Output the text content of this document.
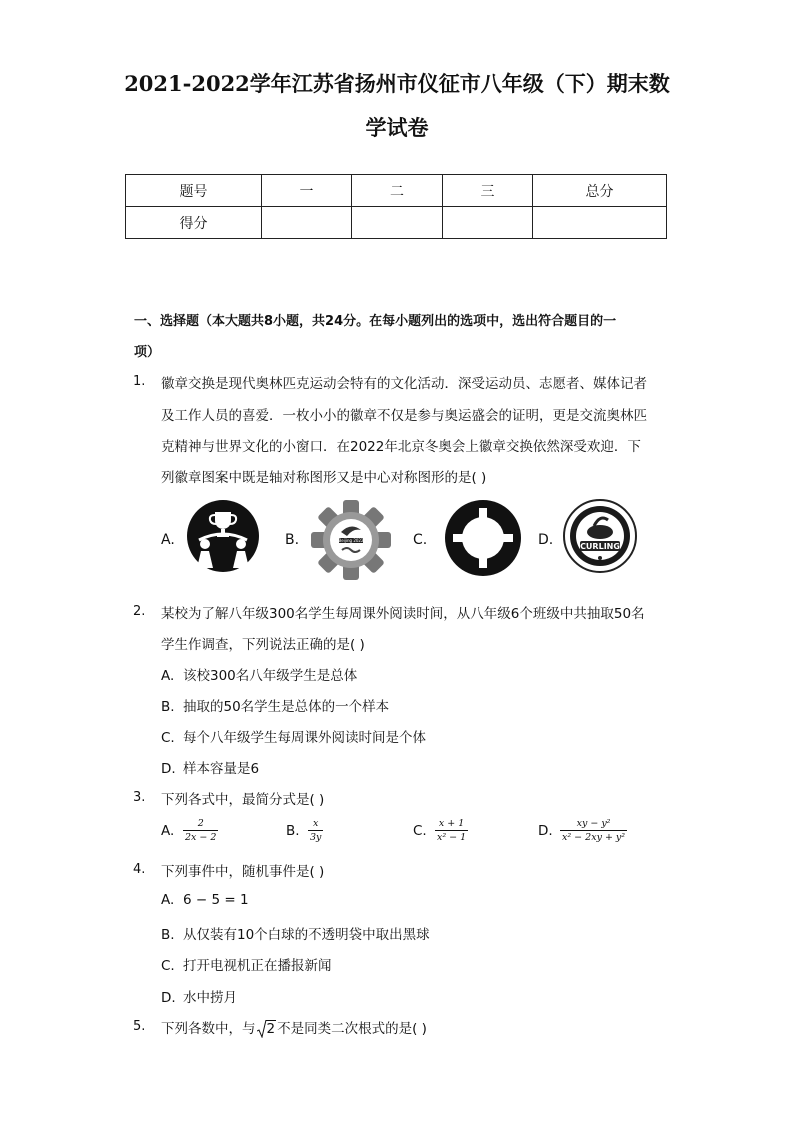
2021-2022学年江苏省扬州市仪征市八年级（下）期末数
学试卷
题号	一	二	三	总分
得分				
一、选择题（本大题共8小题，共24分。在每小题列出的选项中，选出符合题目的一
项）
1. 徽章交换是现代奥林匹克运动会特有的文化活动．深受运动员、志愿者、媒体记者
及工作人员的喜爱．一枚小小的徽章不仅是参与奥运盛会的证明，更是交流奥林匹
克精神与世界文化的小窗口．在2022年北京冬奥会上徽章交换依然深受欢迎．下
列徽章图案中既是轴对称图形又是中心对称图形的是( )
A.	B.	Beijing 2022	C.	D.	CURLING
2. 某校为了解八年级300名学生每周课外阅读时间，从八年级6个班级中共抽取50名
学生作调查，下列说法正确的是( )
A. 该校300名八年级学生是总体
B. 抽取的50名学生是总体的一个样本
C. 每个八年级学生每周课外阅读时间是个体
D. 样本容量是6
3. 下列各式中，最简分式是( )
A. $\frac{2}{2x - 2}$	B. $\frac{x}{3y}$	C. $\frac{x + 1}{\text{x² − 1}}$	D. $\frac{\text{xy − y²}}{\text{x² − 2xy + y²}}$
4. 下列事件中，随机事件是( )
A. 6 − 5 = 1
B. 从仅装有10个白球的不透明袋中取出黑球
C. 打开电视机正在播报新闻
D. 水中捞月
5. 下列各数中，与 2 不是同类二次根式的是( )
